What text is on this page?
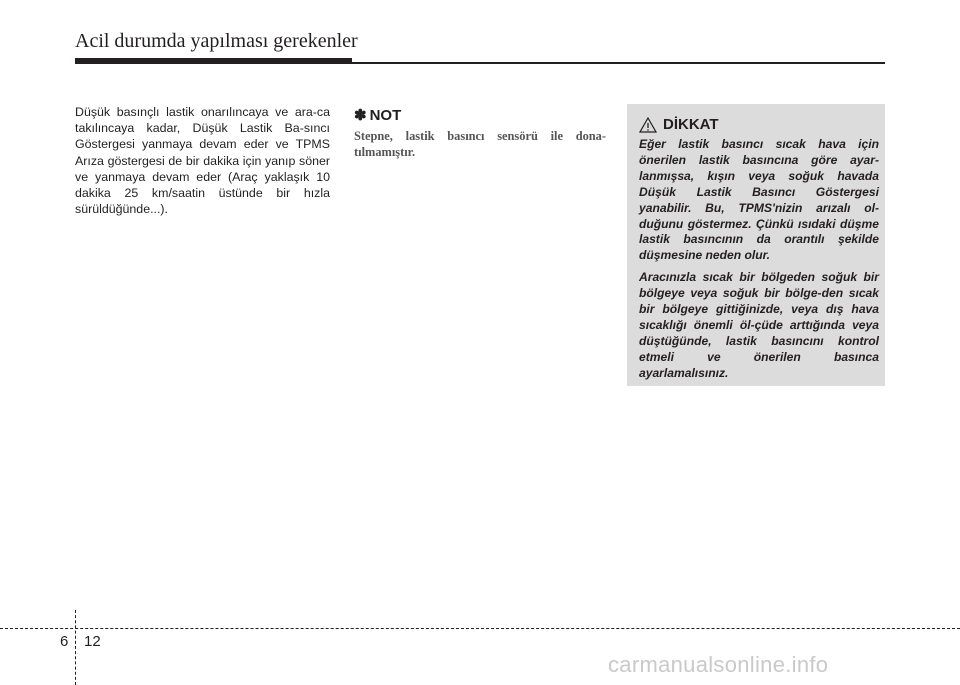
Acil durumda yapılması gerekenler

Düşük basınçlı lastik onarılıncaya ve ara-ca takılıncaya kadar, Düşük Lastik Ba-sıncı Göstergesi yanmaya devam eder ve TPMS Arıza göstergesi de bir dakika için yanıp söner ve yanmaya devam eder (Araç yaklaşık 10 dakika 25 km/saatin üstünde bir hızla sürüldüğünde...).

✽ NOT

Stepne, lastik basıncı sensörü ile dona-tılmamıştır.

DİKKAT

Eğer lastik basıncı sıcak hava için önerilen lastik basıncına göre ayar-lanmışsa, kışın veya soğuk havada Düşük Lastik Basıncı Göstergesi yanabilir. Bu, TPMS'nizin arızalı ol-duğunu göstermez. Çünkü ısıdaki düşme lastik basıncının da orantılı şekilde düşmesine neden olur.

Aracınızla sıcak bir bölgeden soğuk bir bölgeye veya soğuk bir bölge-den sıcak bir bölgeye gittiğinizde, veya dış hava sıcaklığı önemli öl-çüde arttığında veya düştüğünde, lastik basıncını kontrol etmeli ve önerilen basınca ayarlamalısınız.

6 12
carmanualsonline.info
